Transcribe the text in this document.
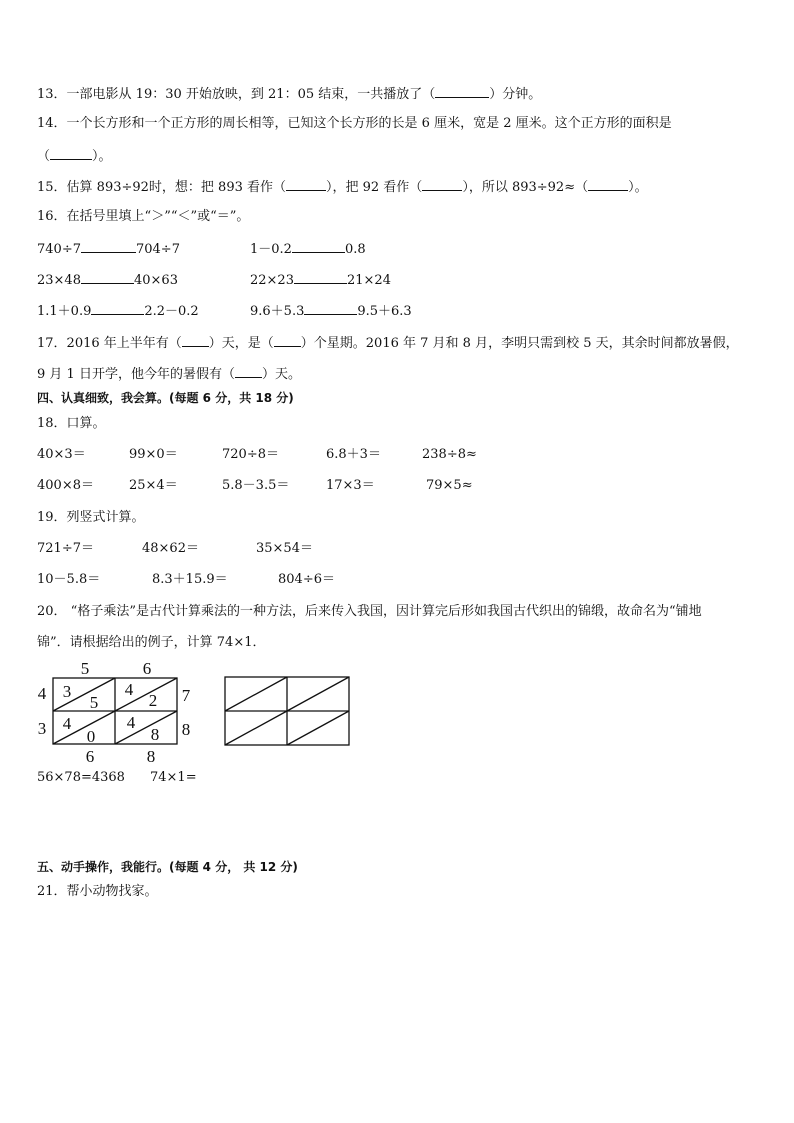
13．一部电影从 19：30 开始放映，到 21：05 结束，一共播放了（	）分钟。
14．一个长方形和一个正方形的周长相等，已知这个长方形的长是 6 厘米，宽是 2 厘米。这个正方形的面积是
（	）。
15．估算 893÷92时，想：把 893 看作（	），把 92 看作（	），所以 893÷92≈（	）。
16．在括号里填上“＞”“＜”或“＝”。
740÷7	704÷7	1－0.2	0.8
23×48	40×63	22×23	21×24
1.1＋0.9	2.2－0.2	9.6＋5.3	9.5＋6.3
17．2016 年上半年有（ ）天，是（ ）个星期。2016 年 7 月和 8 月，李明只需到校 5 天，其余时间都放暑假，
9 月 1 日开学，他今年的暑假有（ ）天。
四、认真细致，我会算。(每题 6 分，共 18 分)
18．口算。
40×3＝	99×0＝	720÷8＝	6.8＋3＝	238÷8≈
400×8＝	25×4＝	5.8－3.5＝	17×3＝	79×5≈
19．列竖式计算。
721÷7＝	48×62＝	35×54＝
10－5.8＝	8.3＋15.9＝	804÷6＝
20． “格子乘法”是古代计算乘法的一种方法，后来传入我国，因计算完后形如我国古代织出的锦缎，故命名为“铺地
锦”．请根据给出的例子，计算 74×1．
5	6
4
3
7
8
3
5
4
2
4
0
4
8
6	8
56×78=4368 74×1=
五、动手操作，我能行。(每题 4 分， 共 12 分)
21．帮小动物找家。
